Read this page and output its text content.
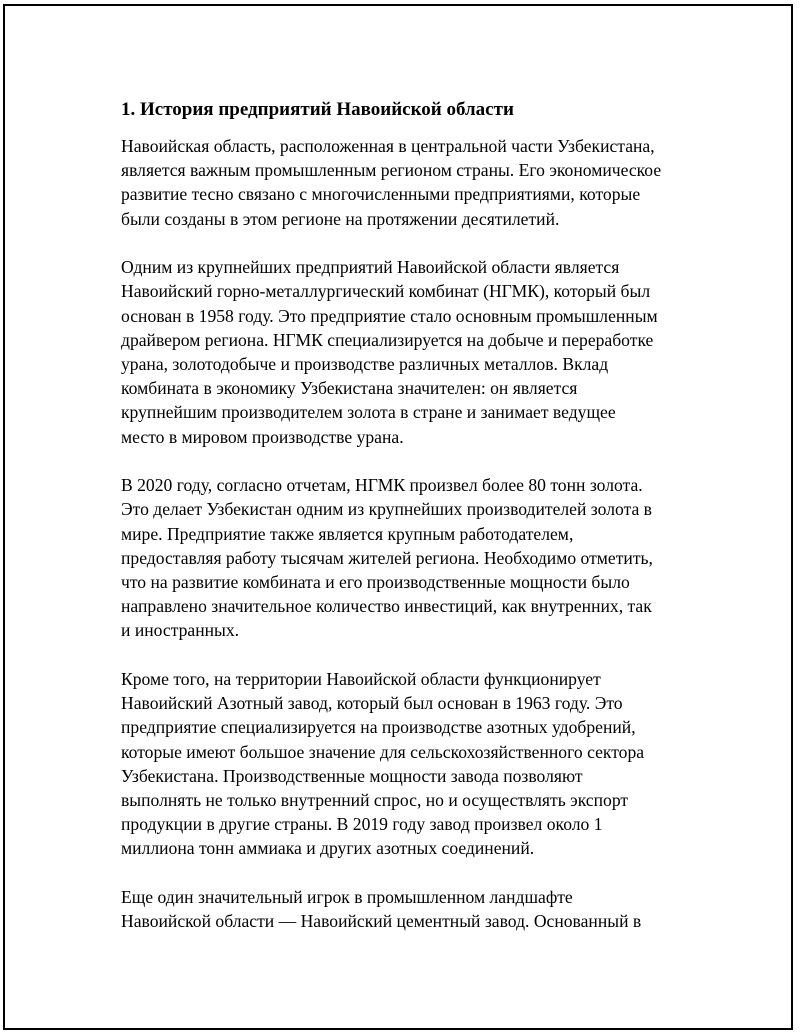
1. История предприятий Навоийской области

Навоийская область, расположенная в центральной части Узбекистана,
является важным промышленным регионом страны. Его экономическое
развитие тесно связано с многочисленными предприятиями, которые
были созданы в этом регионе на протяжении десятилетий.

Одним из крупнейших предприятий Навоийской области является
Навоийский горно-металлургический комбинат (НГМК), который был
основан в 1958 году. Это предприятие стало основным промышленным
драйвером региона. НГМК специализируется на добыче и переработке
урана, золотодобыче и производстве различных металлов. Вклад
комбината в экономику Узбекистана значителен: он является
крупнейшим производителем золота в стране и занимает ведущее
место в мировом производстве урана.

В 2020 году, согласно отчетам, НГМК произвел более 80 тонн золота.
Это делает Узбекистан одним из крупнейших производителей золота в
мире. Предприятие также является крупным работодателем,
предоставляя работу тысячам жителей региона. Необходимо отметить,
что на развитие комбината и его производственные мощности было
направлено значительное количество инвестиций, как внутренних, так
и иностранных.

Кроме того, на территории Навоийской области функционирует
Навоийский Азотный завод, который был основан в 1963 году. Это
предприятие специализируется на производстве азотных удобрений,
которые имеют большое значение для сельскохозяйственного сектора
Узбекистана. Производственные мощности завода позволяют
выполнять не только внутренний спрос, но и осуществлять экспорт
продукции в другие страны. В 2019 году завод произвел около 1
миллиона тонн аммиака и других азотных соединений.

Еще один значительный игрок в промышленном ландшафте
Навоийской области — Навоийский цементный завод. Основанный в
